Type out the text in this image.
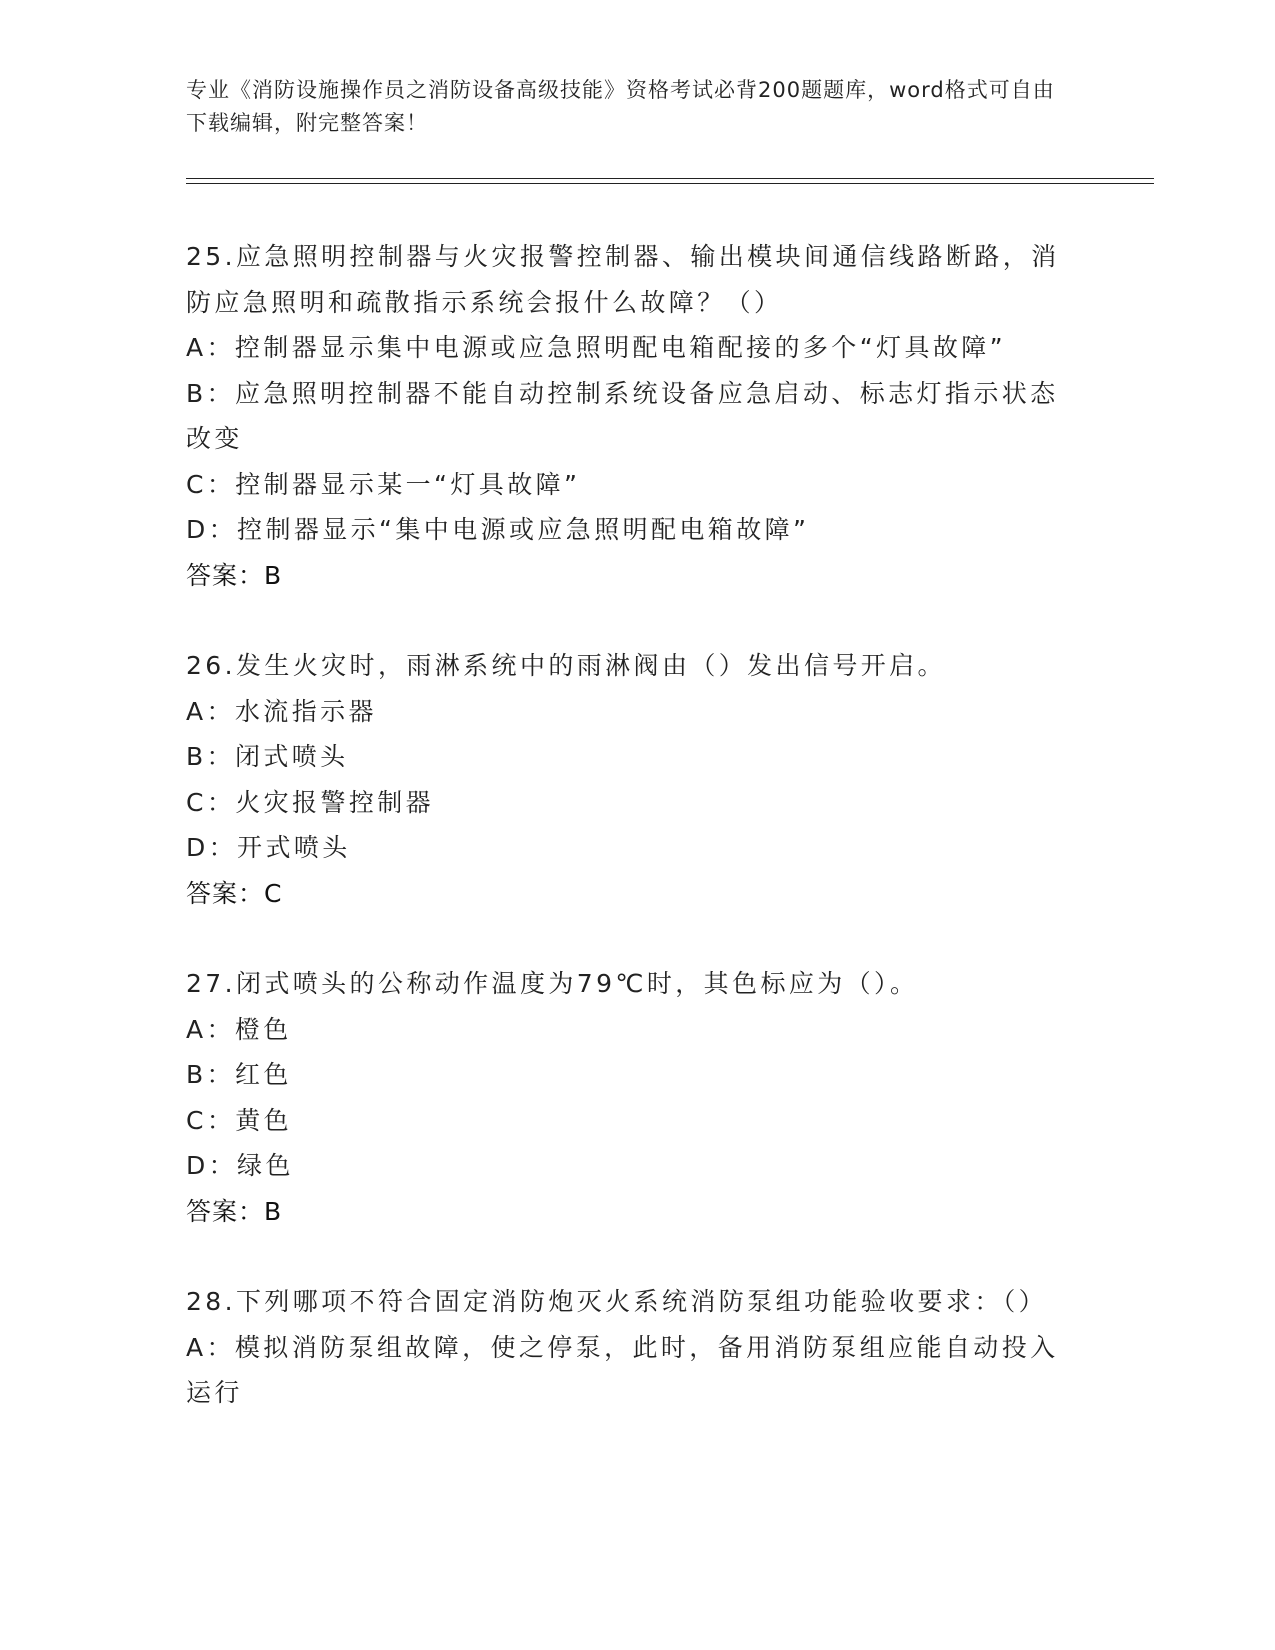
专业《消防设施操作员之消防设备高级技能》资格考试必背200题题库，word格式可自由下载编辑，附完整答案！
25.应急照明控制器与火灾报警控制器、输出模块间通信线路断路，消
防应急照明和疏散指示系统会报什么故障？（）
A：控制器显示集中电源或应急照明配电箱配接的多个“灯具故障”
B：应急照明控制器不能自动控制系统设备应急启动、标志灯指示状态
改变
C：控制器显示某一“灯具故障”
D：控制器显示“集中电源或应急照明配电箱故障”
答案：B
26.发生火灾时，雨淋系统中的雨淋阀由（）发出信号开启。
A：水流指示器
B：闭式喷头
C：火灾报警控制器
D：开式喷头
答案：C
27.闭式喷头的公称动作温度为79℃时，其色标应为（）。
A：橙色
B：红色
C：黄色
D：绿色
答案：B
28.下列哪项不符合固定消防炮灭火系统消防泵组功能验收要求：（）
A：模拟消防泵组故障，使之停泵，此时，备用消防泵组应能自动投入
运行
